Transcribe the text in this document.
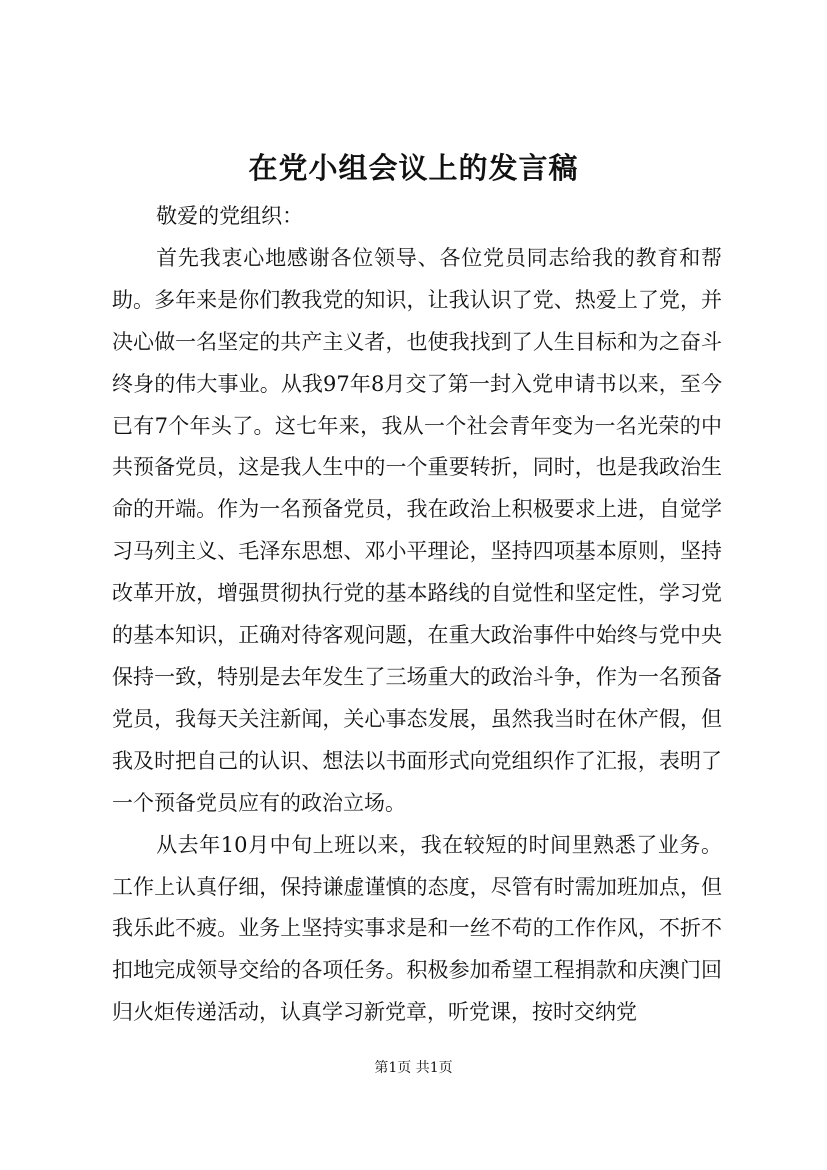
在党小组会议上的发言稿

敬爱的党组织：

首先我衷心地感谢各位领导、各位党员同志给我的教育和帮助。多年来是你们教我党的知识，让我认识了党、热爱上了党，并决心做一名坚定的共产主义者，也使我找到了人生目标和为之奋斗终身的伟大事业。从我97年8月交了第一封入党申请书以来，至今已有7个年头了。这七年来，我从一个社会青年变为一名光荣的中共预备党员，这是我人生中的一个重要转折，同时，也是我政治生命的开端。作为一名预备党员，我在政治上积极要求上进，自觉学习马列主义、毛泽东思想、邓小平理论，坚持四项基本原则，坚持改革开放，增强贯彻执行党的基本路线的自觉性和坚定性，学习党的基本知识，正确对待客观问题，在重大政治事件中始终与党中央保持一致，特别是去年发生了三场重大的政治斗争，作为一名预备党员，我每天关注新闻，关心事态发展，虽然我当时在休产假，但我及时把自己的认识、想法以书面形式向党组织作了汇报，表明了一个预备党员应有的政治立场。

从去年10月中旬上班以来，我在较短的时间里熟悉了业务。工作上认真仔细，保持谦虚谨慎的态度，尽管有时需加班加点，但我乐此不疲。业务上坚持实事求是和一丝不苟的工作作风，不折不扣地完成领导交给的各项任务。积极参加希望工程捐款和庆澳门回归火炬传递活动，认真学习新党章，听党课，按时交纳党

第1页 共1页
